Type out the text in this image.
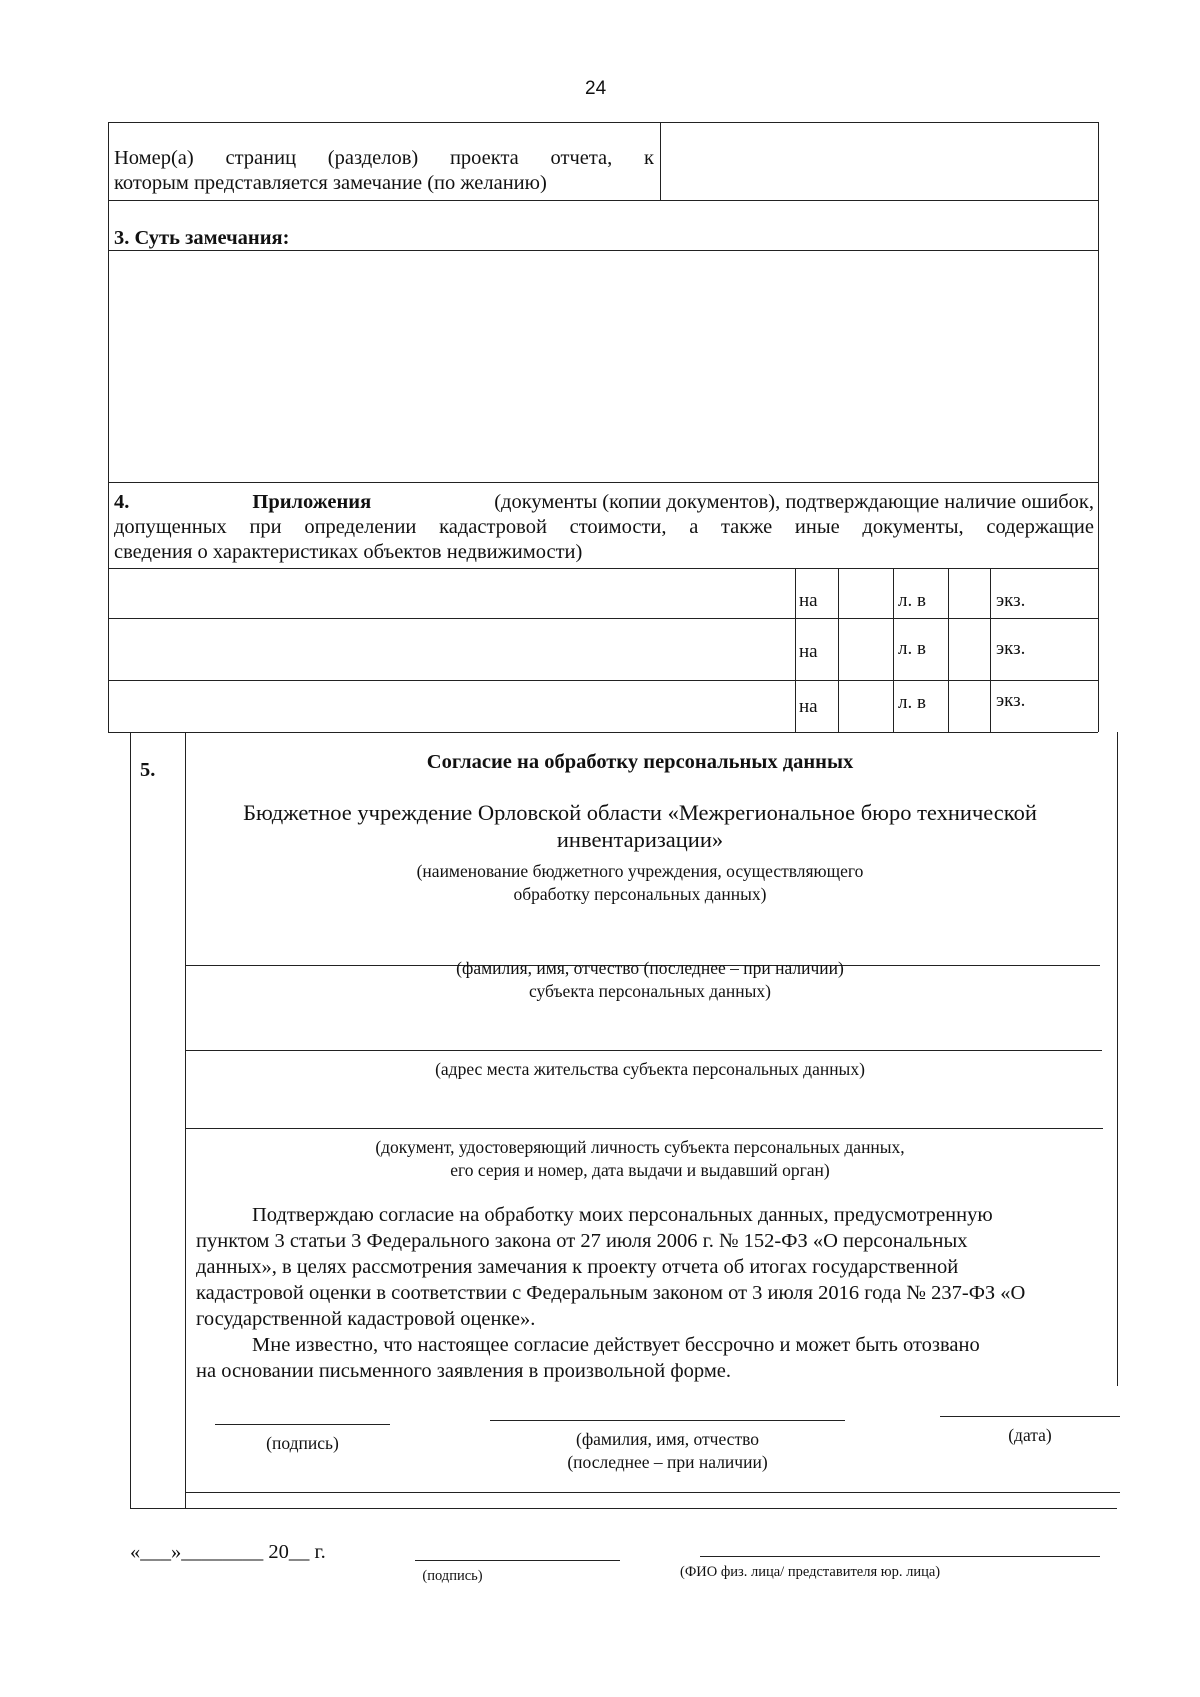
24
Номер(а) страниц (разделов) проекта отчета, к
которым представляется замечание (по желанию)
3. Суть замечания:
4.	Приложения	(документы (копии документов), подтверждающие наличие ошибок,
допущенных при определении кадастровой стоимости, а также иные документы, содержащие
сведения о характеристиках объектов недвижимости)
на	л. в	экз.
на	л. в	экз.
на	л. в	экз.
5.	Согласие на обработку персональных данных
Бюджетное учреждение Орловской области «Межрегиональное бюро технической
инвентаризации»
(наименование бюджетного учреждения, осуществляющего
обработку персональных данных)
(фамилия, имя, отчество (последнее – при наличии)
субъекта персональных данных)
(адрес места жительства субъекта персональных данных)
(документ, удостоверяющий личность субъекта персональных данных,
его серия и номер, дата выдачи и выдавший орган)
Подтверждаю согласие на обработку моих персональных данных, предусмотренную
пунктом 3 статьи 3 Федерального закона от 27 июля 2006 г. № 152-ФЗ «О персональных
данных», в целях рассмотрения замечания к проекту отчета об итогах государственной
кадастровой оценки в соответствии с Федеральным законом от 3 июля 2016 года № 237-ФЗ «О
государственной кадастровой оценке».
Мне известно, что настоящее согласие действует бессрочно и может быть отозвано
на основании письменного заявления в произвольной форме.
(подпись)	(фамилия, имя, отчество
(последнее – при наличии)
(дата)
«___»________ 20__ г.
(подпись)	(ФИО физ. лица/ представителя юр. лица)
